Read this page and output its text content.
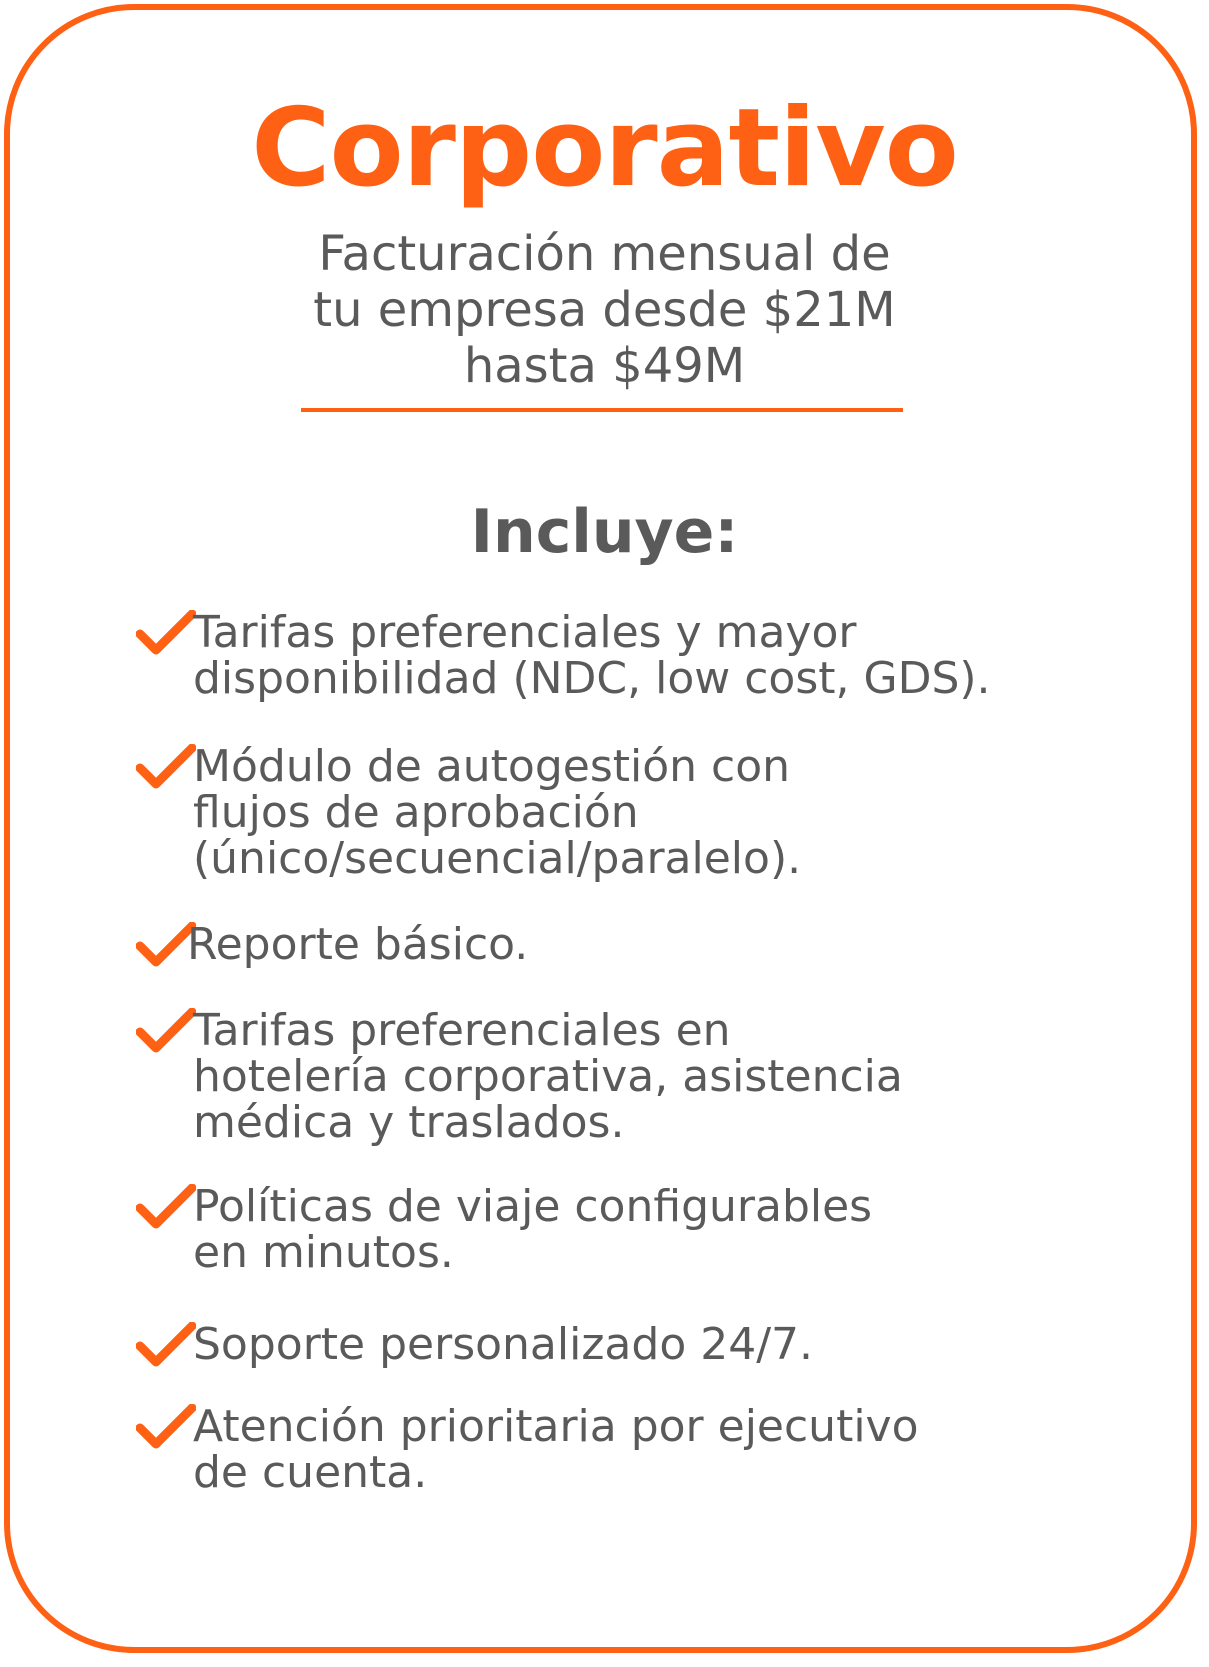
Corporativo
Facturación mensual de
tu empresa desde $21M
hasta $49M
Incluye:
Tarifas preferenciales y mayor
disponibilidad (NDC, low cost, GDS).
Módulo de autogestión con
flujos de aprobación
(único/secuencial/paralelo).
Reporte básico.
Tarifas preferenciales en
hotelería corporativa, asistencia
médica y traslados.
Políticas de viaje configurables
en minutos.
Soporte personalizado 24/7.
Atención prioritaria por ejecutivo
de cuenta.
